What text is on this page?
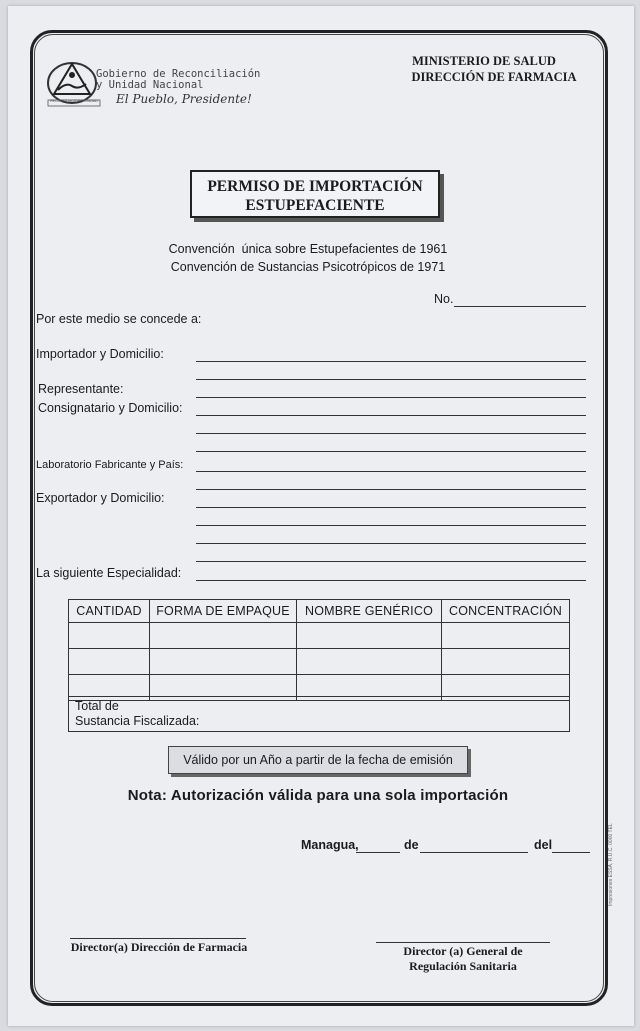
RECONCILIACIÓN Y UNIDAD
Gobierno de Reconciliación
y Unidad Nacional
El Pueblo, Presidente!
MINISTERIO DE SALUD
DIRECCIÓN DE FARMACIA
PERMISO DE IMPORTACIÓN
ESTUPEFACIENTE
Convención  única sobre Estupefacientes de 1961
Convención de Sustancias Psicotrópicos de 1971
No.
Por este medio se concede a:
Importador y Domicilio:
Representante:
Consignatario y Domicilio:
Laboratorio Fabricante y País:
Exportador y Domicilio:
La siguiente Especialidad:
CANTIDAD	FORMA DE EMPAQUE	NOMBRE GENÉRICO	CONCENTRACIÓN

Total de
Sustancia Fiscalizada:
Válido por un Año a partir de la fecha de emisión
Nota: Autorización válida para una sola importación
Managua,	de	del
Director(a) Dirección de Farmacia	Director (a) General de
Regulación Sanitaria
Impresiones ESSA, R.U.C. 0000 TEL
